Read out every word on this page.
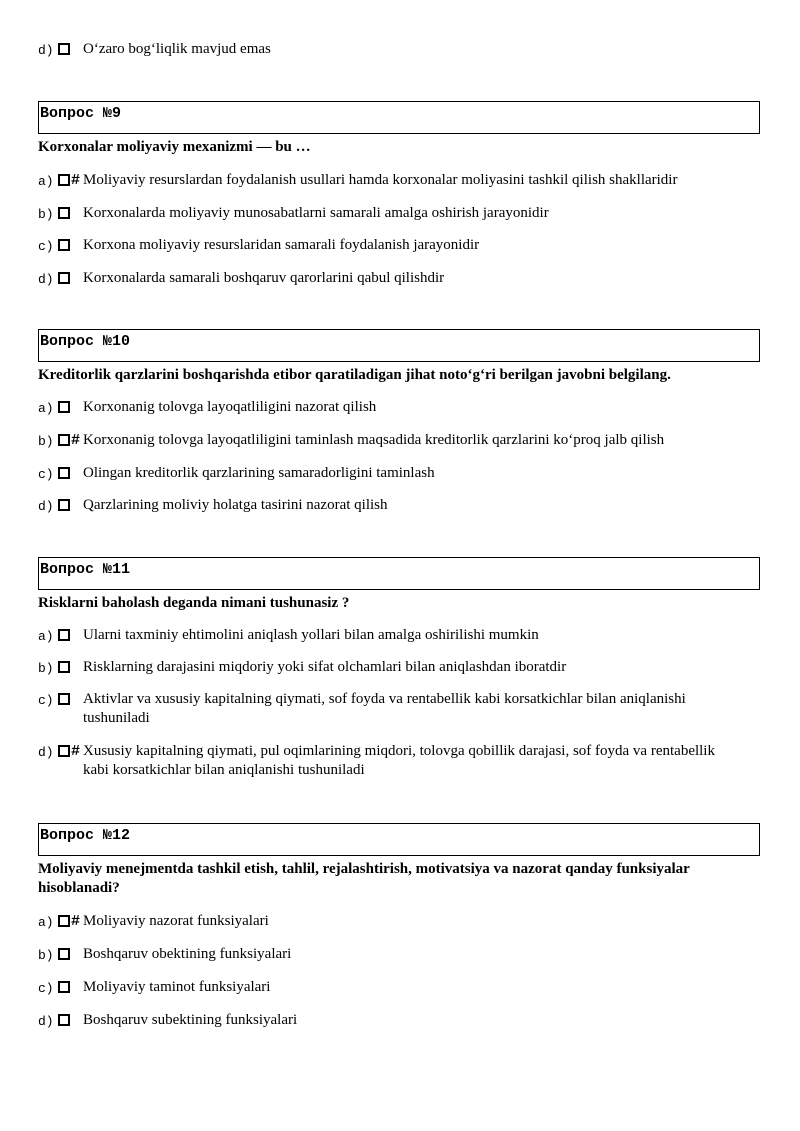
d) O‘zaro bog‘liqlik mavjud emas
Вопрос №9
Korxonalar moliyaviy mexanizmi — bu …
a) # Moliyaviy resurslardan foydalanish usullari hamda korxonalar moliyasini tashkil qilish shakllaridir
b) Korxonalarda moliyaviy munosabatlarni samarali amalga oshirish jarayonidir
c) Korxona moliyaviy resurslaridan samarali foydalanish jarayonidir
d) Korxonalarda samarali boshqaruv qarorlarini qabul qilishdir
Вопрос №10
Kreditorlik qarzlarini boshqarishda etibor qaratiladigan jihat noto‘g‘ri berilgan javobni belgilang.
a) Korxonanig tolovga layoqatliligini nazorat qilish
b) # Korxonanig tolovga layoqatliligini taminlash maqsadida kreditorlik qarzlarini ko‘proq jalb qilish
c) Olingan kreditorlik qarzlarining samaradorligini taminlash
d) Qarzlarining moliviy holatga tasirini nazorat qilish
Вопрос №11
Risklarni baholash deganda nimani tushunasiz ?
a) Ularni taxminiy ehtimolini aniqlash yollari bilan amalga oshirilishi mumkin
b) Risklarning darajasini miqdoriy yoki sifat olchamlari bilan aniqlashdan iboratdir
c) Aktivlar va xususiy kapitalning qiymati, sof foyda va rentabellik kabi korsatkichlar bilan aniqlanishi tushuniladi
d) # Xususiy kapitalning qiymati, pul oqimlarining miqdori, tolovga qobillik darajasi, sof foyda va rentabellik kabi korsatkichlar bilan aniqlanishi tushuniladi
Вопрос №12
Moliyaviy menejmentda tashkil etish, tahlil, rejalashtirish, motivatsiya va nazorat qanday funksiyalar hisoblanadi?
a) # Moliyaviy nazorat funksiyalari
b) Boshqaruv obektining funksiyalari
c) Moliyaviy taminot funksiyalari
d) Boshqaruv subektining funksiyalari
